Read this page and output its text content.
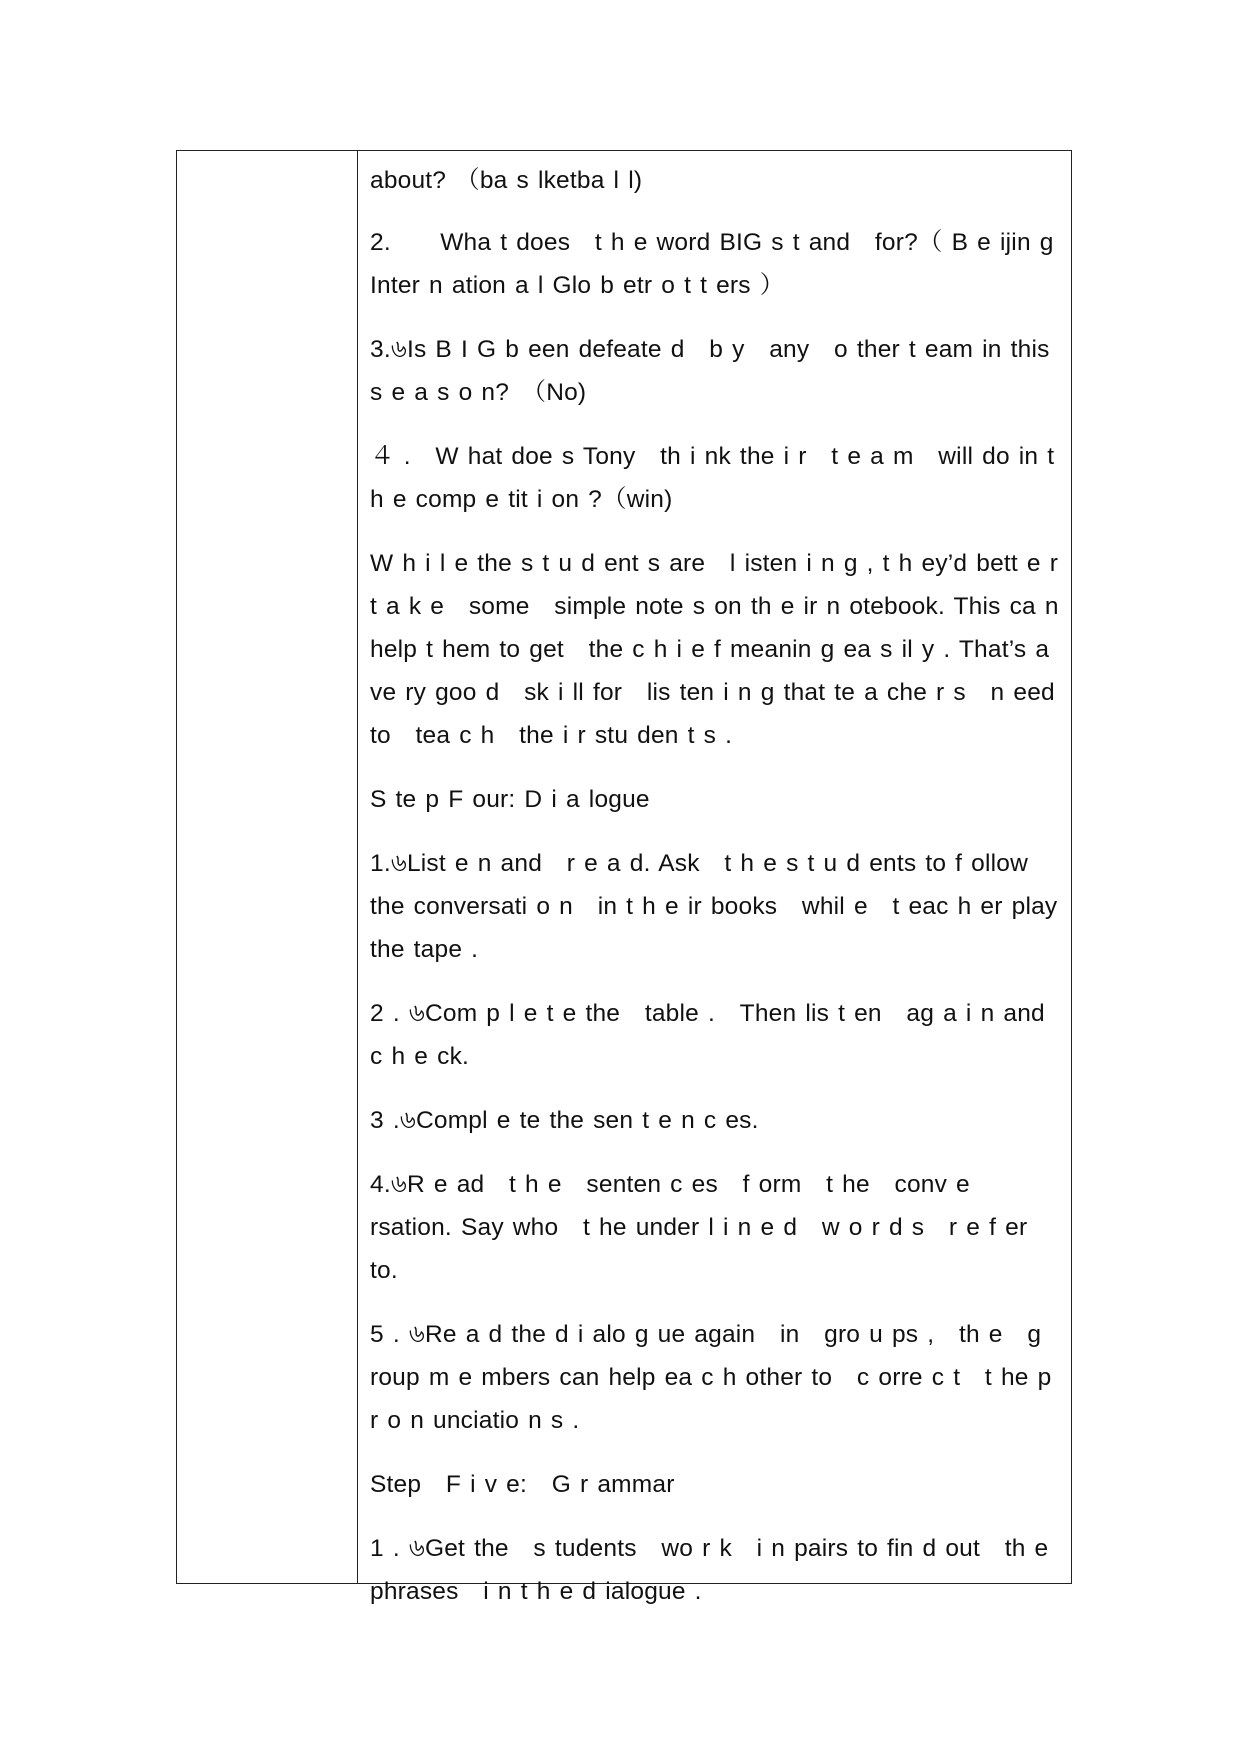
about? （ba s lketba l l)

2.　　Wha t does　t h e word BIG s t and　for?（ B e ijin g　Inter n ation a l Glo b etr o t t ers ）

3.৬Is B I G b een defeate d　b y　any　o ther t eam in this s e a s o n?　（No)

４ .　W hat doe s Tony　th i nk the i r　t e a m　will do in t h e comp e tit i on ?（win)

W h i l e the s t u d ent s are　l isten i n g , t h ey’d bett e r t a k e　some　simple note s on th e ir n otebook. This ca n help t hem to get　the c h i e f meanin g ea s il y . That’s a ve ry goo d　sk i ll for　lis ten i n g that te a che r s　n eed to　tea c h　the i r stu den t s .

S te p F our: D i a logue

1.৬List e n and　r e a d. Ask　t h e s t u d ents to f ollow the conversati o n　in t h e ir books　whil e　t eac h er play the tape .

2 . ৬Com p l e t e the　table .　Then lis t en　ag a i n and c h e ck.

3 .৬Compl e te the sen t e n c es.

4.৬R e ad　t h e　senten c es　f orm　t he　conv e rsation. Say who　t he under l i n e d　w o r d s　r e f er to.

5 . ৬Re a d the d i alo g ue again　in　gro u ps ,　th e　g roup m e mbers can help ea c h other to　c orre c t　t he p r o n unciatio n s .

Step　F i v e:　G r ammar

1 . ৬Get the　s tudents　wo r k　i n pairs to fin d out　th e phrases　i n t h e d ialogue .
